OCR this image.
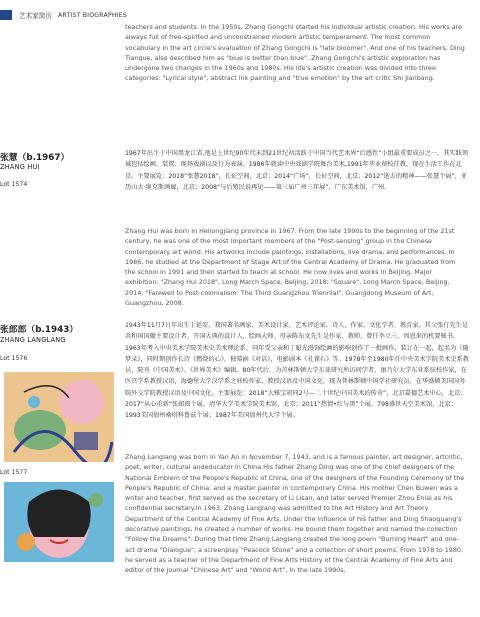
艺术家简历 ARTIST BIOGRAPHIES

teachers and students. In the 1950s, Zhang Gongchi started his individual artistic creation. His works are always full of free-spirited and unconstrained modern artistic temperament. The most common vocabulary in the art circle's evaluation of Zhang Gongchi is "late bloomer". And one of his teachers, Ding Tianque, also described him as "blue is better than blue". Zhang Gongchi's artistic exploration has undergone two changes in the 1960s and 1980s. His life's artistic creation was divided into three categories: "Lyrical style", abstract ink painting and "true emotion" by the art critic Shi Jianbang.

张慧（b.1967）
ZHANG HUI
Lot 1574

1967年出生于中国黑龙江省,他是上世纪90年代末到21世纪初活跃于中国当代艺术界“后感性”小组最重要成员之一。其实践领域包括绘画、装置、现场戏剧以及行为表演。1986年就读中央戏剧学院舞台美术,1991年毕业留校任教，现在生活工作在北京。主要展览：2018“张慧2018”，长征空间，北京；2014“广场”，长征空间，北京；2012“逝去的精神——张慧个展”，亚历山大·奥克斯画廊，北京；2008“与后殖民说再见——第三届广州三年展”，广东美术馆，广州。

Zhang Hui was born in Heilongjiang province in 1967. From the late 1990s to the beginning of the 21st century, he was one of the most important members of the "Post-sensing" group in the Chinese contemporary art world. His artworks include paintings, installations, live drama, and performances. In 1986, he studied at the Department of Stage Art of the Central Academy of Drama. He graduated from the school in 1991 and then started to teach at school. He now lives and works in Beijing. Major exhibition: "Zhang Hui 2018", Long March Space, Beijing, 2018; "Square", Long March Space, Beijing, 2014; "Farewell to Post-colonialism: The Third Guangzhou Triennial", Guangdong Museum of Art, Guangzhou, 2008.

张郎郎（b.1943）
ZHANG LANGLANG
Lot 1576
Lot 1577

1943年11月7日年出生于延安，我国著名画家、美术设计家、艺术评论家、诗人、作家、文化学者、教育家。其父张仃先生是共和国国徽主要设计者，开国大典的设计人，绘画大师。母亲陈布文先生是作家、教师，曾任李立三、周恩来的机要秘书。1963年考入中央美术学院美术史美术理论系，同年受父亲和丁聪光漫饰绘画的影响创作了一批画作，装订在一起，起名为《随梦录》，同时期创作长诗《燃烧的心》，独幕剧《对话》，电影剧本《孔雀石》等。1978年至1980年任中央美术学院美术史系教员，院刊《中国美术》、《世界美术》编辑。80年代后，为首林斯顿大学东亚研究所访问学者，康乃尔大学东亚系驻校作家，在医宫学系教授汉语，海德堡大学汉学系之驻校作家，教授汉语及中国文化，现为普林斯顿中国学社研究员，在华盛顿美国国务院外交学院教授汉语及中国文化。主要展览：2018“大雅宝胡同2号—二十世纪中国美术的传奇”，北京嘉德艺术中心，北京；2017“从心重新”张郎郎个展，清华大学美术学院美术馆，北京；2011“热情•红与黑”个展，798盛世天空美术馆，北京；1993美国加州桑塔科鲁兹个展；1987年美国加州代大学个展。

Zhang Langlang was born in Yan An in November 7, 1943, and is a famous painter, art designer, artcritic, poet, writer, cultural andeducator in China.His father Zhang Ding was one of the chief designers of the National Emblem of the People's Republic of China, one of the designers of the Founding Ceremony of the People's Republic of China, and a master painter in contemporary China. His mother Chen Buwen was a writer and teacher, first served as the secretary of Li Lisan, and later served Premier Zhou Enlai as his confidential secretary.In 1963, Zhang Langlang was admitted to the Art History and Art Theory Department of the Central Academy of Fine Arts. Under the influence of his father and Ding Shaoguang's decorative paintings, he created a number of works. He bound them together and named the collection "Follow the Dreams". During that time Zhang Langlang created the long poem "Burning Heart" and one-act drama "Dialogue", a screenplay "Peacock Stone" and a collection of short poems. From 1978 to 1980, he served as a teacher of the Department of Fine Arts History of the Central Academy of Fine Arts and editor of the journal "Chinese Art" and "World Art". In the late 1990s,
